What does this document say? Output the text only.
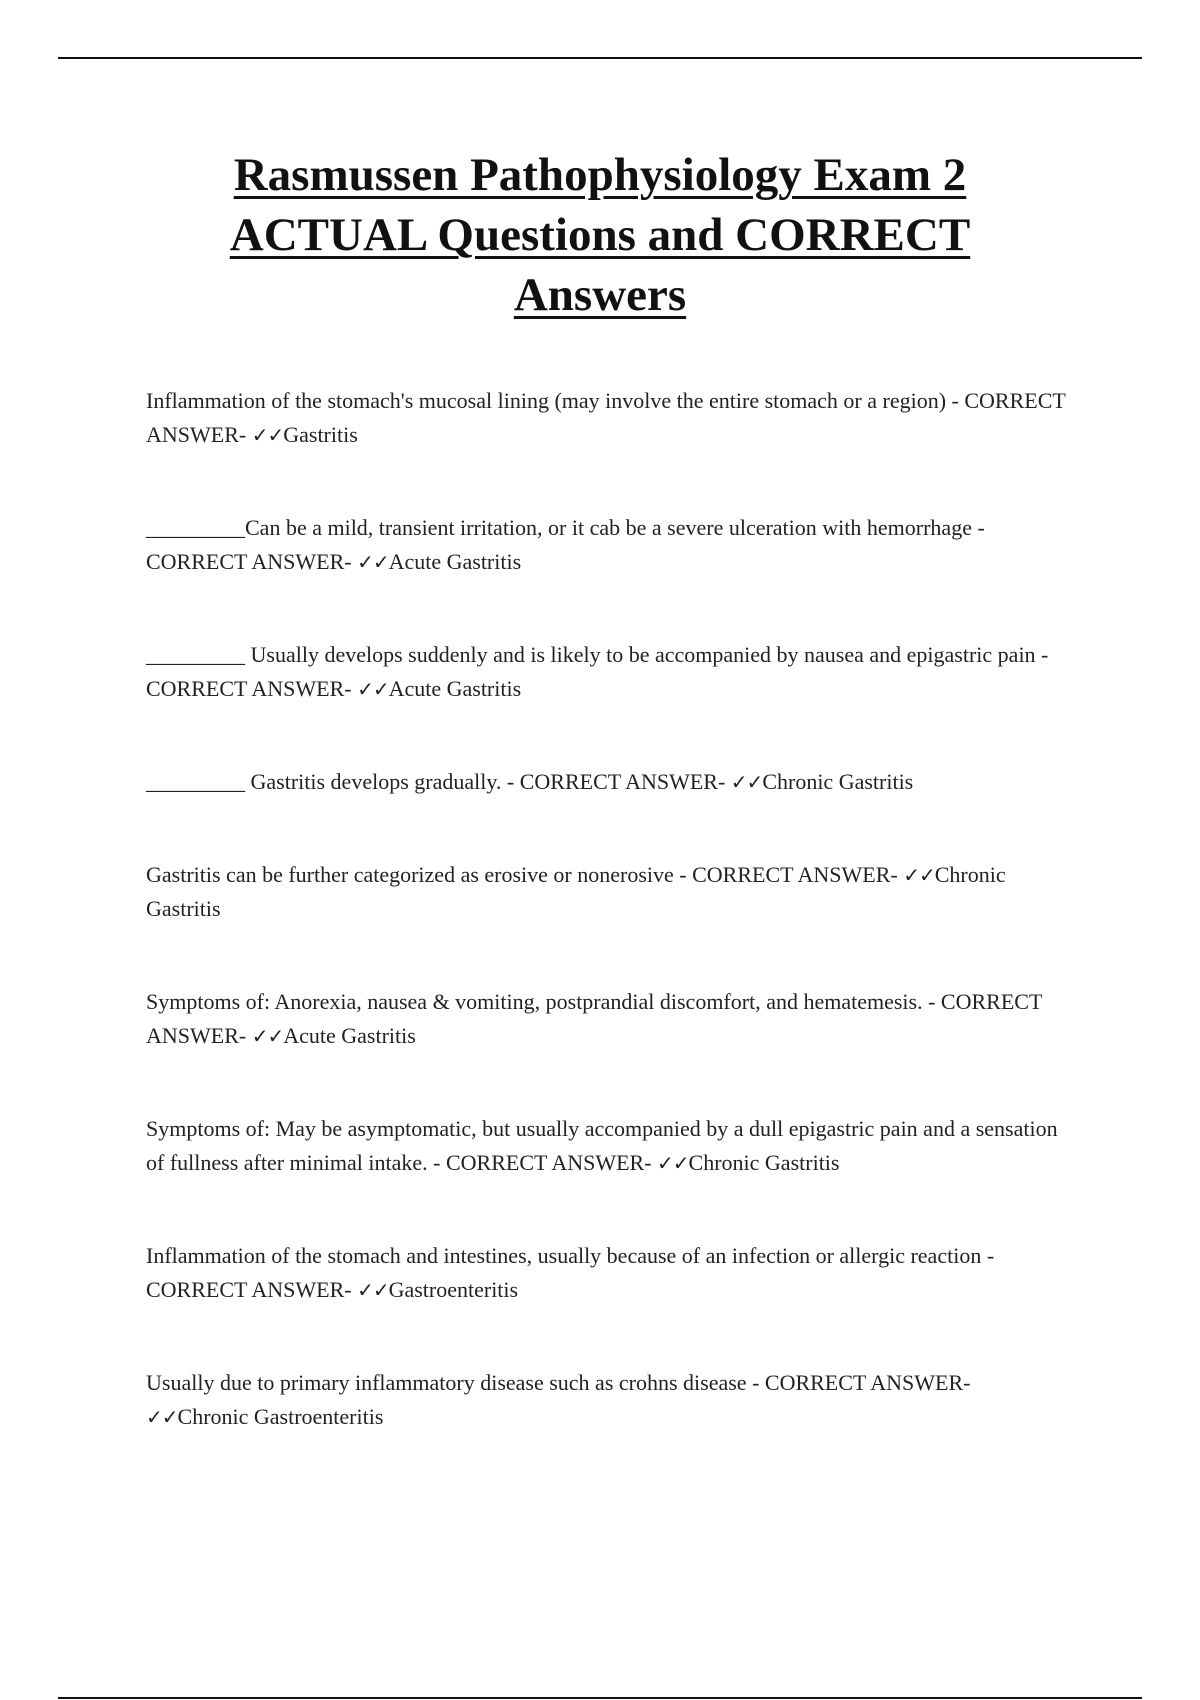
Rasmussen Pathophysiology Exam 2
ACTUAL Questions and CORRECT
Answers
Inflammation of the stomach's mucosal lining (may involve the entire stomach or a region) - CORRECT ANSWER- ✓✓Gastritis
_________Can be a mild, transient irritation, or it cab be a severe ulceration with hemorrhage - CORRECT ANSWER- ✓✓Acute Gastritis
_________ Usually develops suddenly and is likely to be accompanied by nausea and epigastric pain - CORRECT ANSWER- ✓✓Acute Gastritis
_________ Gastritis develops gradually. - CORRECT ANSWER- ✓✓Chronic Gastritis
Gastritis can be further categorized as erosive or nonerosive - CORRECT ANSWER- ✓✓Chronic Gastritis
Symptoms of: Anorexia, nausea & vomiting, postprandial discomfort, and hematemesis. - CORRECT ANSWER- ✓✓Acute Gastritis
Symptoms of: May be asymptomatic, but usually accompanied by a dull epigastric pain and a sensation of fullness after minimal intake. - CORRECT ANSWER- ✓✓Chronic Gastritis
Inflammation of the stomach and intestines, usually because of an infection or allergic reaction - CORRECT ANSWER- ✓✓Gastroenteritis
Usually due to primary inflammatory disease such as crohns disease - CORRECT ANSWER- ✓✓Chronic Gastroenteritis
